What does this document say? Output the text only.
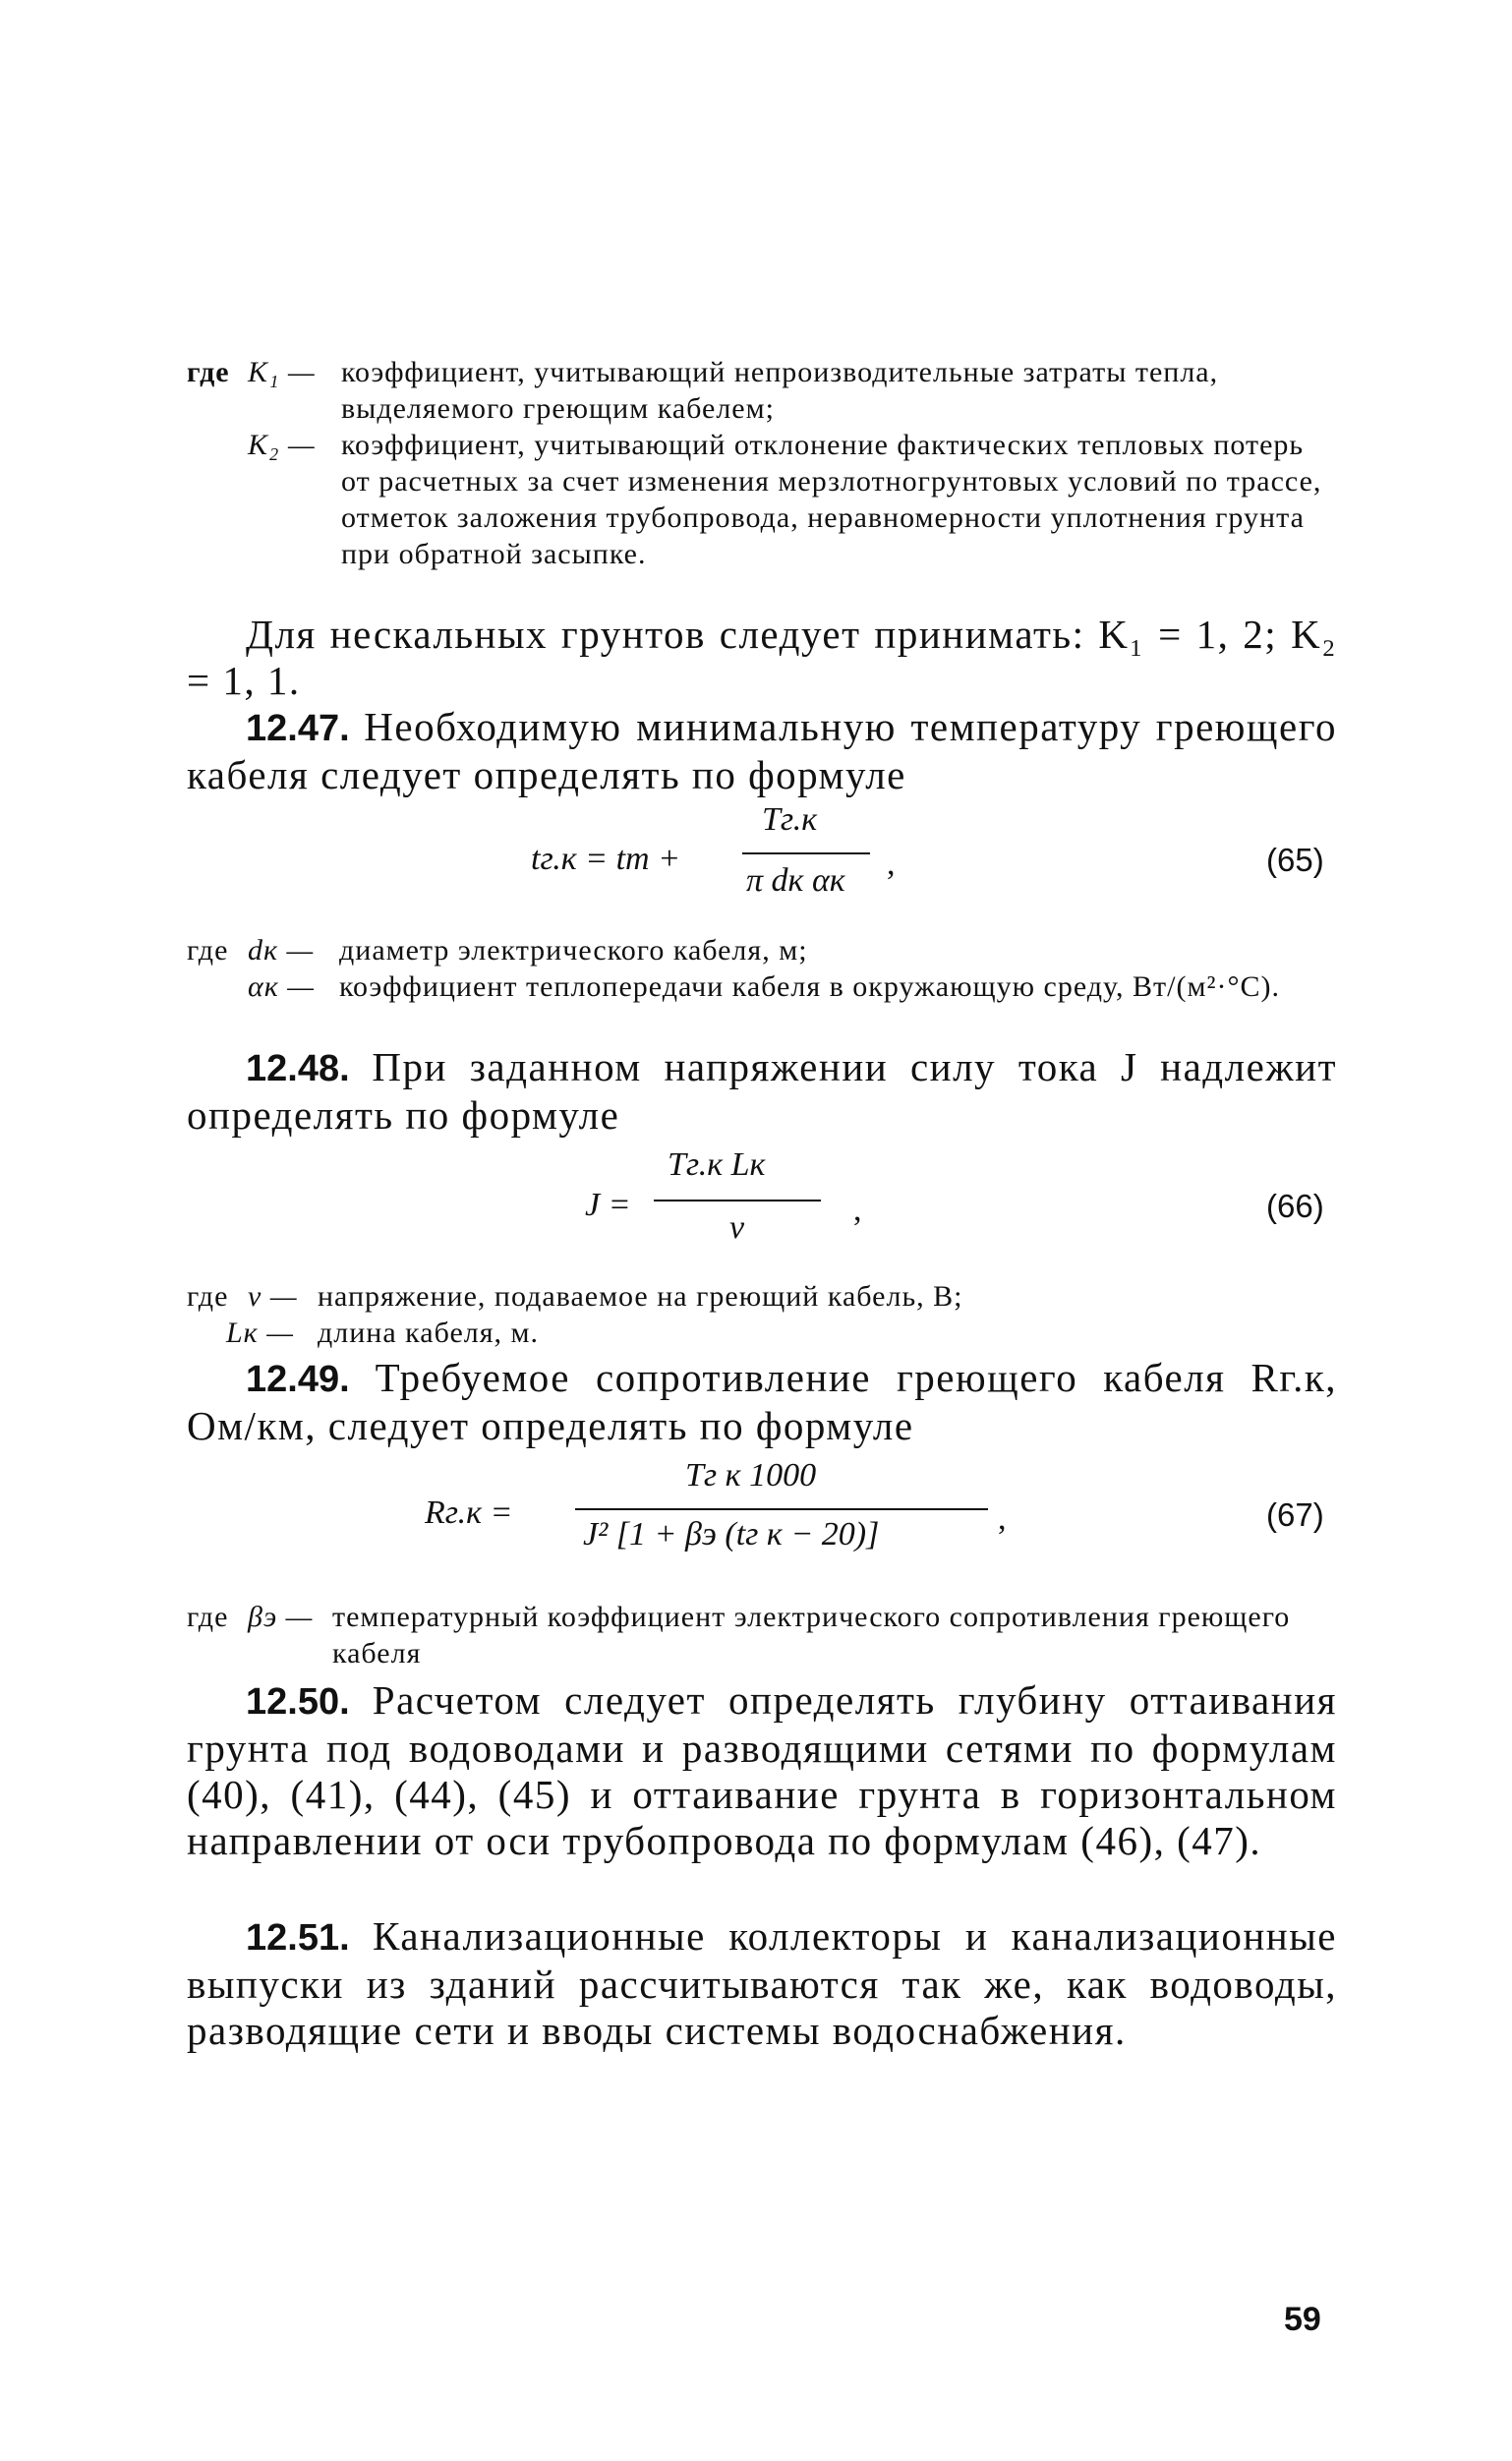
где K₁ — коэффициент, учитывающий непроизводительные затраты тепла, выделяемого греющим кабелем;
K₂ — коэффициент, учитывающий отклонение фактических тепловых потерь от расчетных за счет изменения мерзлотногрунтовых условий по трассе, отметок заложения трубопровода, неравномерности уплотнения грунта при обратной засыпке.
Для нескальных грунтов следует принимать: K₁ = 1, 2; K₂ = 1, 1.
12.47. Необходимую минимальную температуру греющего кабеля следует определять по формуле
tг.к = tт +
Tг.к
π dк αк ,	(65)
где dк — диаметр электрического кабеля, м;
αк — коэффициент теплопередачи кабеля в окружающую среду, Вт/(м²·°С).
12.48. При заданном напряжении силу тока J надлежит определять по формуле
J =
Tг.к Lк
v	,	(66)
где v — напряжение, подаваемое на греющий кабель, В;
Lк — длина кабеля, м.
12.49. Требуемое сопротивление греющего кабеля Rг.к, Ом/км, следует определять по формуле
Rг.к =
Tг к 1000
J² [1 + βэ (tг к − 20)]	,	(67)
где βэ — температурный коэффициент электрического сопротивления греющего кабеля
12.50. Расчетом следует определять глубину оттаивания грунта под водоводами и разводящими сетями по формулам (40), (41), (44), (45) и оттаивание грунта в горизонтальном направлении от оси трубопровода по формулам (46), (47).
12.51. Канализационные коллекторы и канализационные выпуски из зданий рассчитываются так же, как водоводы, разводящие сети и вводы системы водоснабжения.
59
